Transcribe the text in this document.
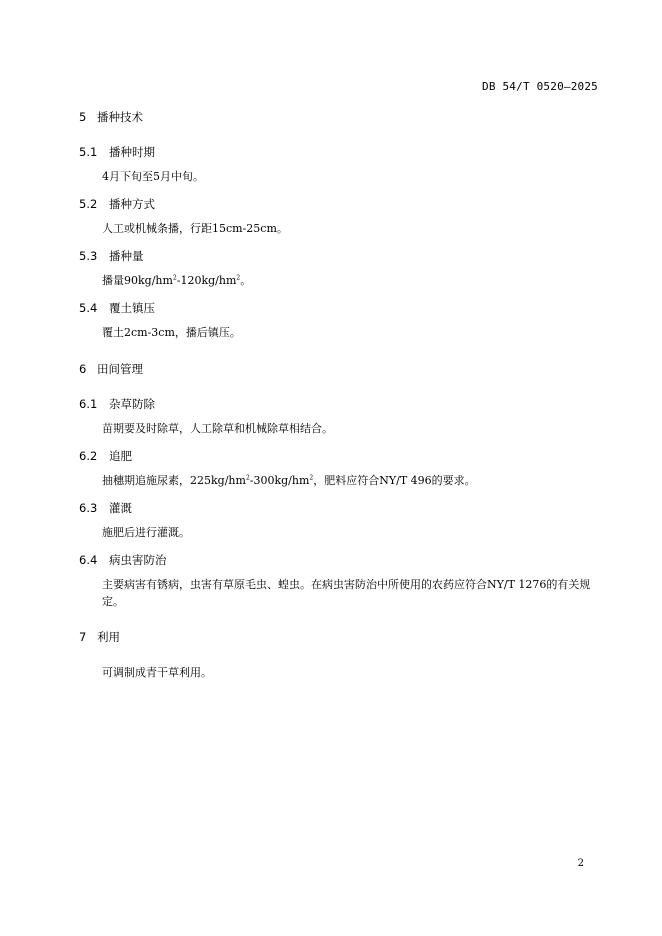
DB 54/T 0520—2025
5 播种技术
5.1 播种时期
4月下旬至5月中旬。
5.2 播种方式
人工或机械条播，行距15cm-25cm。
5.3 播种量
播量$90kg/hm^2-120kg/hm^2$。
5.4 覆土镇压
覆土2cm-3cm，播后镇压。
6 田间管理
6.1 杂草防除
苗期要及时除草，人工除草和机械除草相结合。
6.2 追肥
抽穗期追施尿素，$225kg/hm^2-300kg/hm^2$，肥料应符合NY/T 496的要求。
6.3 灌溉
施肥后进行灌溉。
6.4 病虫害防治
主要病害有锈病，虫害有草原毛虫、蝗虫。在病虫害防治中所使用的农药应符合NY/T 1276的有关规定。
7 利用
可调制成青干草利用。
2
